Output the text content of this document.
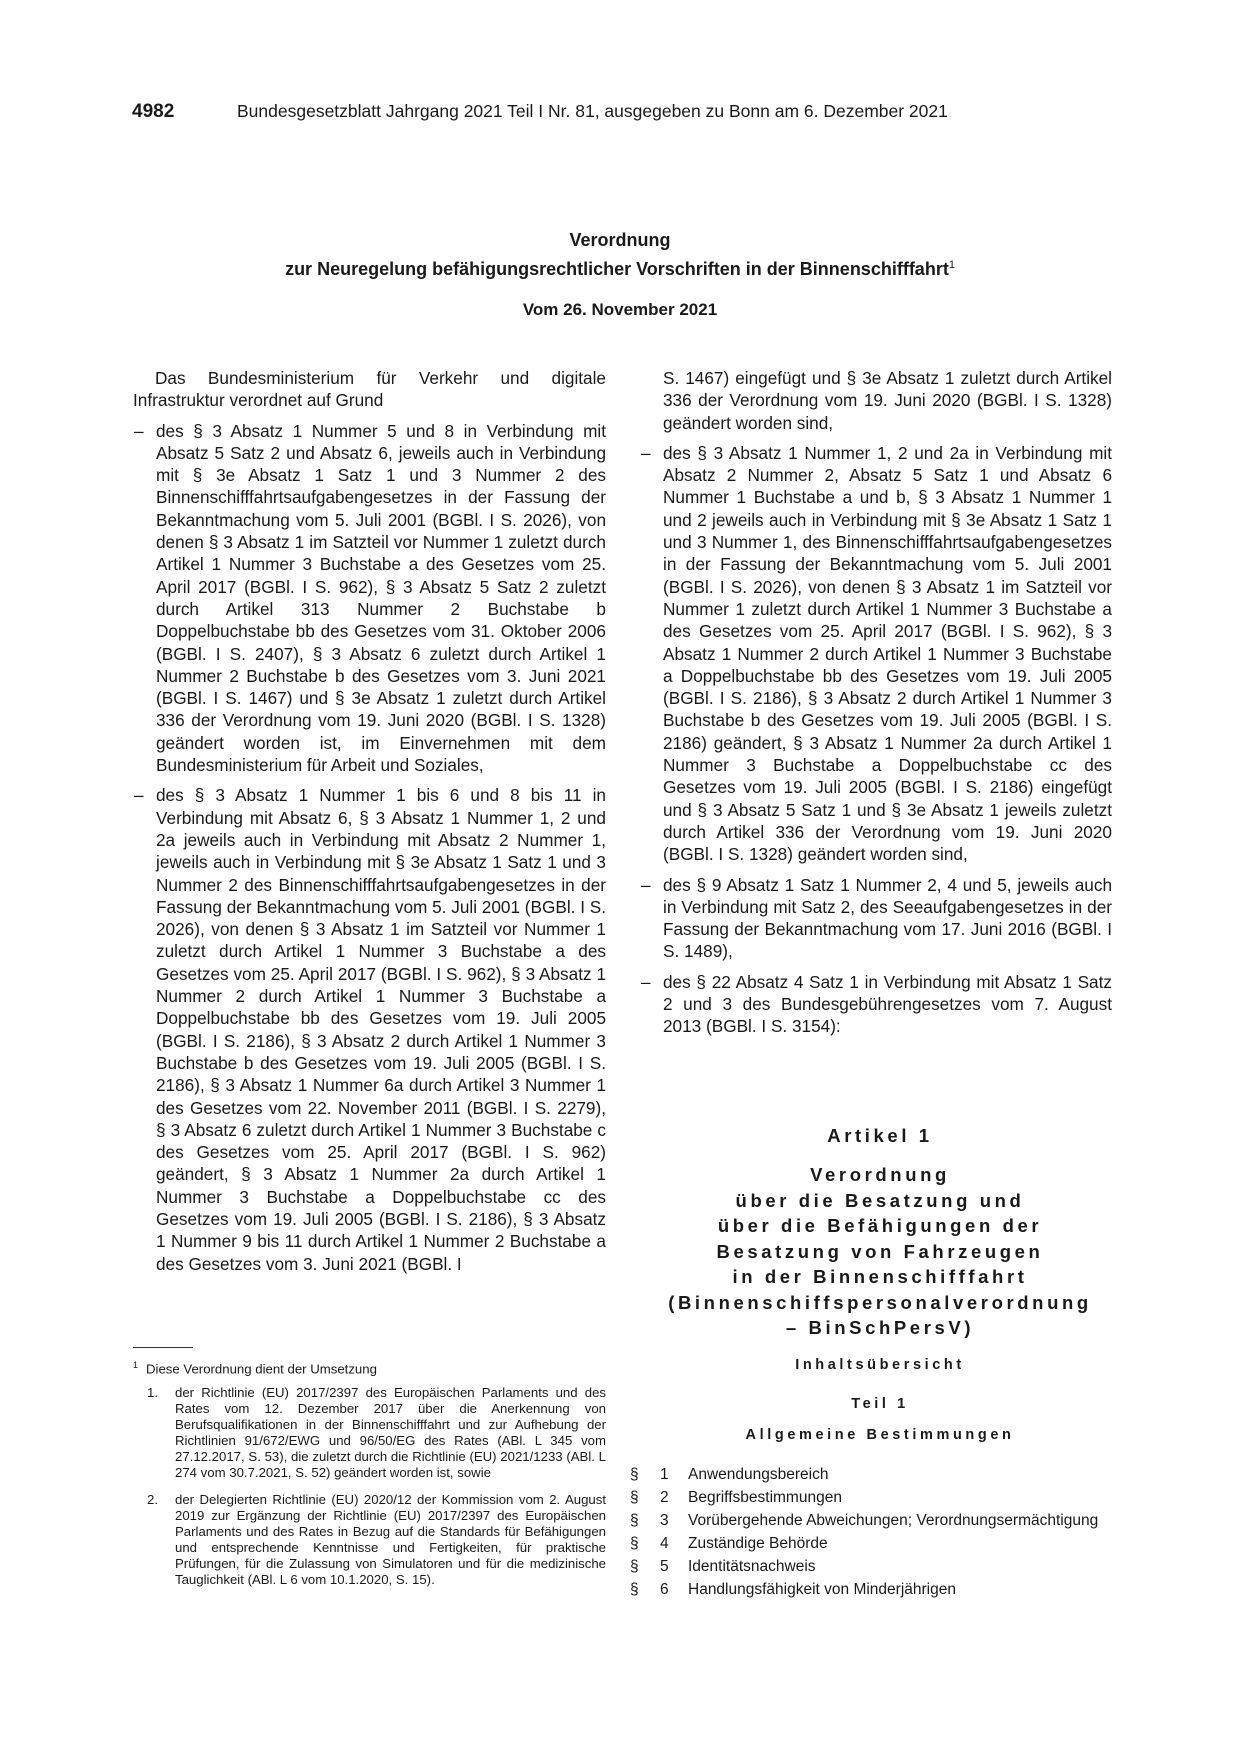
4982	Bundesgesetzblatt Jahrgang 2021 Teil I Nr. 81, ausgegeben zu Bonn am 6. Dezember 2021
Verordnung
zur Neuregelung befähigungsrechtlicher Vorschriften in der Binnenschifffahrt$^1$
Vom 26. November 2021

Das Bundesministerium für Verkehr und digitale Infrastruktur verordnet auf Grund

– des § 3 Absatz 1 Nummer 5 und 8 in Verbindung mit Absatz 5 Satz 2 und Absatz 6, jeweils auch in Verbindung mit § 3e Absatz 1 Satz 1 und 3 Nummer 2 des Binnenschifffahrtsaufgabengesetzes in der Fassung der Bekanntmachung vom 5. Juli 2001 (BGBl. I S. 2026), von denen § 3 Absatz 1 im Satzteil vor Nummer 1 zuletzt durch Artikel 1 Nummer 3 Buchstabe a des Gesetzes vom 25. April 2017 (BGBl. I S. 962), § 3 Absatz 5 Satz 2 zuletzt durch Artikel 313 Nummer 2 Buchstabe b Doppelbuchstabe bb des Gesetzes vom 31. Oktober 2006 (BGBl. I S. 2407), § 3 Absatz 6 zuletzt durch Artikel 1 Nummer 2 Buchstabe b des Gesetzes vom 3. Juni 2021 (BGBl. I S. 1467) und § 3e Absatz 1 zuletzt durch Artikel 336 der Verordnung vom 19. Juni 2020 (BGBl. I S. 1328) geändert worden ist, im Einvernehmen mit dem Bundesministerium für Arbeit und Soziales,

– des § 3 Absatz 1 Nummer 1 bis 6 und 8 bis 11 in Verbindung mit Absatz 6, § 3 Absatz 1 Nummer 1, 2 und 2a jeweils auch in Verbindung mit Absatz 2 Nummer 1, jeweils auch in Verbindung mit § 3e Absatz 1 Satz 1 und 3 Nummer 2 des Binnenschifffahrtsaufgabengesetzes in der Fassung der Bekanntmachung vom 5. Juli 2001 (BGBl. I S. 2026), von denen § 3 Absatz 1 im Satzteil vor Nummer 1 zuletzt durch Artikel 1 Nummer 3 Buchstabe a des Gesetzes vom 25. April 2017 (BGBl. I S. 962), § 3 Absatz 1 Nummer 2 durch Artikel 1 Nummer 3 Buchstabe a Doppelbuchstabe bb des Gesetzes vom 19. Juli 2005 (BGBl. I S. 2186), § 3 Absatz 2 durch Artikel 1 Nummer 3 Buchstabe b des Gesetzes vom 19. Juli 2005 (BGBl. I S. 2186), § 3 Absatz 1 Nummer 6a durch Artikel 3 Nummer 1 des Gesetzes vom 22. November 2011 (BGBl. I S. 2279), § 3 Absatz 6 zuletzt durch Artikel 1 Nummer 3 Buchstabe c des Gesetzes vom 25. April 2017 (BGBl. I S. 962) geändert, § 3 Absatz 1 Nummer 2a durch Artikel 1 Nummer 3 Buchstabe a Doppelbuchstabe cc des Gesetzes vom 19. Juli 2005 (BGBl. I S. 2186), § 3 Absatz 1 Nummer 9 bis 11 durch Artikel 1 Nummer 2 Buchstabe a des Gesetzes vom 3. Juni 2021 (BGBl. I

S. 1467) eingefügt und § 3e Absatz 1 zuletzt durch Artikel 336 der Verordnung vom 19. Juni 2020 (BGBl. I S. 1328) geändert worden sind,

– des § 3 Absatz 1 Nummer 1, 2 und 2a in Verbindung mit Absatz 2 Nummer 2, Absatz 5 Satz 1 und Absatz 6 Nummer 1 Buchstabe a und b, § 3 Absatz 1 Nummer 1 und 2 jeweils auch in Verbindung mit § 3e Absatz 1 Satz 1 und 3 Nummer 1, des Binnenschifffahrtsaufgabengesetzes in der Fassung der Bekanntmachung vom 5. Juli 2001 (BGBl. I S. 2026), von denen § 3 Absatz 1 im Satzteil vor Nummer 1 zuletzt durch Artikel 1 Nummer 3 Buchstabe a des Gesetzes vom 25. April 2017 (BGBl. I S. 962), § 3 Absatz 1 Nummer 2 durch Artikel 1 Nummer 3 Buchstabe a Doppelbuchstabe bb des Gesetzes vom 19. Juli 2005 (BGBl. I S. 2186), § 3 Absatz 2 durch Artikel 1 Nummer 3 Buchstabe b des Gesetzes vom 19. Juli 2005 (BGBl. I S. 2186) geändert, § 3 Absatz 1 Nummer 2a durch Artikel 1 Nummer 3 Buchstabe a Doppelbuchstabe cc des Gesetzes vom 19. Juli 2005 (BGBl. I S. 2186) eingefügt und § 3 Absatz 5 Satz 1 und § 3e Absatz 1 jeweils zuletzt durch Artikel 336 der Verordnung vom 19. Juni 2020 (BGBl. I S. 1328) geändert worden sind,

– des § 9 Absatz 1 Satz 1 Nummer 2, 4 und 5, jeweils auch in Verbindung mit Satz 2, des Seeaufgabengesetzes in der Fassung der Bekanntmachung vom 17. Juni 2016 (BGBl. I S. 1489),

– des § 22 Absatz 4 Satz 1 in Verbindung mit Absatz 1 Satz 2 und 3 des Bundesgebührengesetzes vom 7. August 2013 (BGBl. I S. 3154):

Artikel 1
Verordnung
über die Besatzung und
über die Befähigungen der
Besatzung von Fahrzeugen
in der Binnenschifffahrt
(Binnenschiffspersonalverordnung
– BinSchPersV)
Inhaltsübersicht
Teil 1
Allgemeine Bestimmungen
§	1	Anwendungsbereich
§	2	Begriffsbestimmungen
§	3	Vorübergehende Abweichungen; Verordnungsermächtigung
§	4	Zuständige Behörde
§	5	Identitätsnachweis
§	6	Handlungsfähigkeit von Minderjährigen

$^1$ Diese Verordnung dient der Umsetzung

1.	der Richtlinie (EU) 2017/2397 des Europäischen Parlaments und des Rates vom 12. Dezember 2017 über die Anerkennung von Berufsqualifikationen in der Binnenschifffahrt und zur Aufhebung der Richtlinien 91/672/EWG und 96/50/EG des Rates (ABl. L 345 vom 27.12.2017, S. 53), die zuletzt durch die Richtlinie (EU) 2021/1233 (ABl. L 274 vom 30.7.2021, S. 52) geändert worden ist, sowie
2.	der Delegierten Richtlinie (EU) 2020/12 der Kommission vom 2. August 2019 zur Ergänzung der Richtlinie (EU) 2017/2397 des Europäischen Parlaments und des Rates in Bezug auf die Standards für Befähigungen und entsprechende Kenntnisse und Fertigkeiten, für praktische Prüfungen, für die Zulassung von Simulatoren und für die medizinische Tauglichkeit (ABl. L 6 vom 10.1.2020, S. 15).
